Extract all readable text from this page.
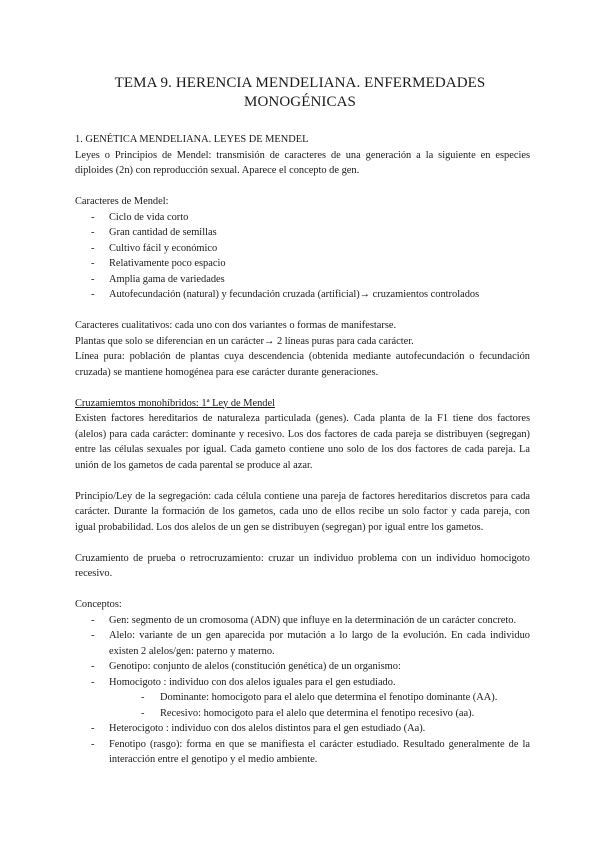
TEMA 9. HERENCIA MENDELIANA. ENFERMEDADES
MONOGÉNICAS
1. GENÉTICA MENDELIANA. LEYES DE MENDEL

Leyes o Principios de Mendel: transmisión de caracteres de una generación a la siguiente en especies diploides (2n) con reproducción sexual. Aparece el concepto de gen.

Caracteres de Mendel:
- Ciclo de vida corto
- Gran cantidad de semillas
- Cultivo fácil y económico
- Relativamente poco espacio
- Amplia gama de variedades
- Autofecundación (natural) y fecundación cruzada (artificial)→ cruzamientos controlados

Caracteres cualitativos: cada uno con dos variantes o formas de manifestarse.

Plantas que solo se diferencian en un carácter→ 2 líneas puras para cada carácter.

Línea pura: población de plantas cuya descendencia (obtenida mediante autofecundación o fecundación cruzada) se mantiene homogénea para ese carácter durante generaciones.

Cruzamiemtos monohíbridos: 1ª Ley de Mendel

Existen factores hereditarios de naturaleza particulada (genes). Cada planta de la F1 tiene dos factores (alelos) para cada carácter: dominante y recesivo. Los dos factores de cada pareja se distribuyen (segregan) entre las células sexuales por igual. Cada gameto contiene uno solo de los dos factores de cada pareja. La unión de los gametos de cada parental se produce al azar.

Principio/Ley de la segregación: cada célula contiene una pareja de factores hereditarios discretos para cada carácter. Durante la formación de los gametos, cada uno de ellos recibe un solo factor y cada pareja, con igual probabilidad. Los dos alelos de un gen se distribuyen (segregan) por igual entre los gametos.

Cruzamiento de prueba o retrocruzamiento: cruzar un individuo problema con un individuo homocigoto recesivo.

Conceptos:
- Gen: segmento de un cromosoma (ADN) que influye en la determinación de un carácter concreto.
- Alelo: variante de un gen aparecida por mutación a lo largo de la evolución. En cada individuo existen 2 alelos/gen: paterno y materno.
- Genotipo: conjunto de alelos (constitución genética) de un organismo:
- Homocigoto : individuo con dos alelos iguales para el gen estudiado.
- Dominante: homocigoto para el alelo que determina el fenotipo dominante (AA).
- Recesivo: homocigoto para el alelo que determina el fenotipo recesivo (aa).
- Heterocigoto : individuo con dos alelos distintos para el gen estudiado (Aa).
- Fenotipo (rasgo): forma en que se manifiesta el carácter estudiado. Resultado generalmente de la interacción entre el genotipo y el medio ambiente.
